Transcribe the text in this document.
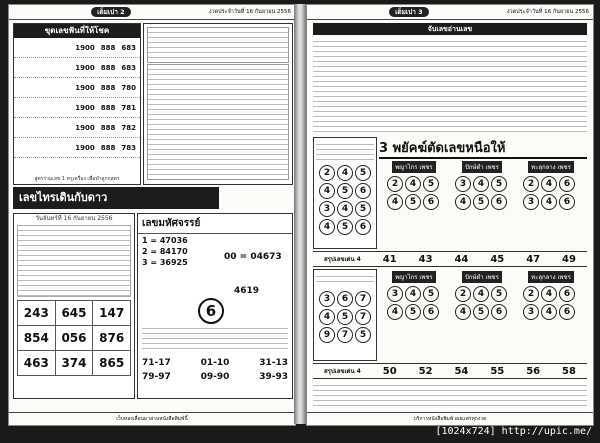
เด็มเปา 2	งวดประจำวันที่ 16 กันยายน 2556
ขุดเลขฟันที่ให้โชค
1900 888 683
1900 888 683
1900 888 780
1900 888 781
1900 888 782
1900 888 783
สูตรร่วมเลข 1 ทรูเครื่อง เพื่อทำลูกกุสุดร
เลขไทรเดินกับดาว
วันจันทร์ที่ 16 กันยายน 2556
243	645	147
854	056	876
463	374	865
เลขมหัศจรรย์
1 = 47036
2 = 84170
3 = 36925
00 = 04673
4619
6
71-17	01-10	31-13
79-97	09-90	39-93
เว็บหลงเลื่อนมาอ่านหนังสือพิมพ์นี้
เด็มเปา 3	งวดประจำวันที่ 16 กันยายน 2556
จับเลขอ่านเลข
2	4	5
4	5	6
3	4	5
4	5	6
3 พยัคฆ์ตัดเลขหนือให้
พญาไกร เพชร	ปักษ์ดำ เพชร	ทะลุกลาง เพชร
2	4	5
4	5	6
3	4	5
4	5	6
2	4	6
3	4	6
สรุปเลขเด่น 4 41 43 44 45 47 49
3	6	7
4	5	7
9	7	5
พญาไกร เพชร	ปักษ์ดำ เพชร	ทะลุกลาง เพชร
3	4	5
4	5	6
2	4	5
4	5	6
2	4	6
3	4	6
สรุปเลขเด่น 4 50 52 54 55 56 58
บริการหนังสือพิมพ์ เผยแพร่ทุกงวด
[1024x724] http://upic.me/
